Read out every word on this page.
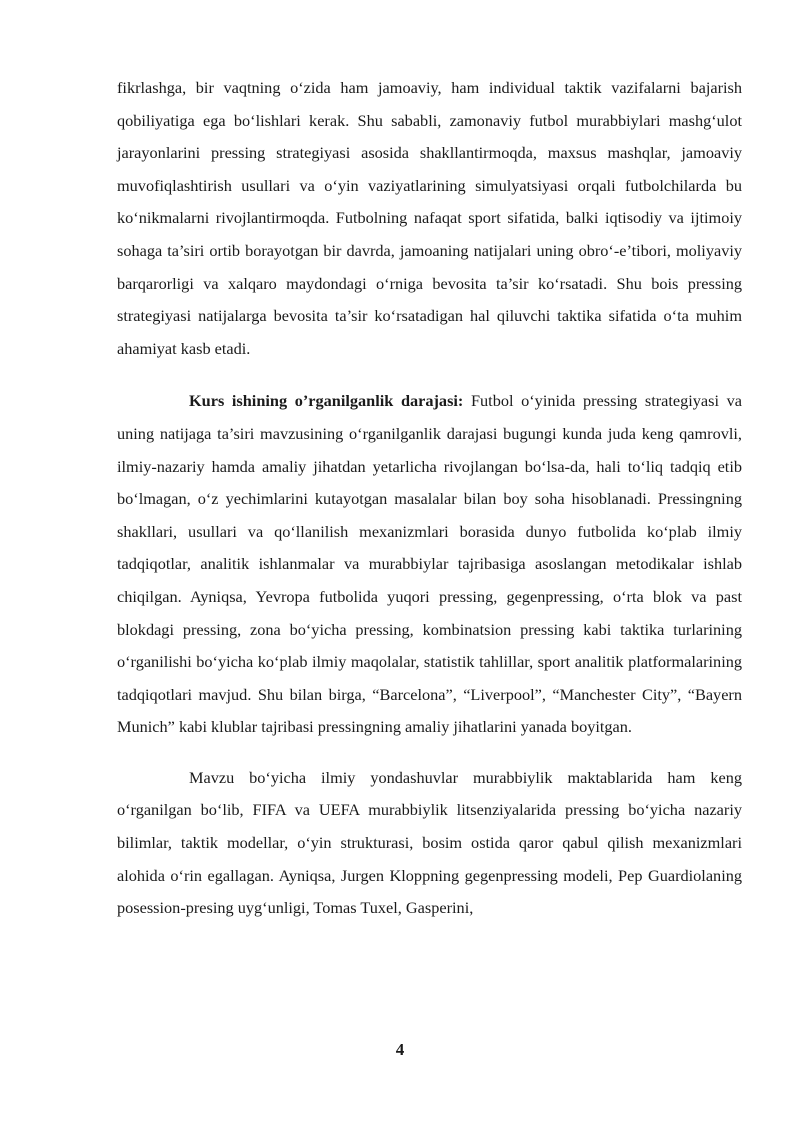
fikrlashga, bir vaqtning o‘zida ham jamoaviy, ham individual taktik vazifalarni bajarish qobiliyatiga ega bo‘lishlari kerak. Shu sababli, zamonaviy futbol murabbiylari mashg‘ulot jarayonlarini pressing strategiyasi asosida shakllantirmoqda, maxsus mashqlar, jamoaviy muvofiqlashtirish usullari va o‘yin vaziyatlarining simulyatsiyasi orqali futbolchilarda bu ko‘nikmalarni rivojlantirmoqda. Futbolning nafaqat sport sifatida, balki iqtisodiy va ijtimoiy sohaga ta’siri ortib borayotgan bir davrda, jamoaning natijalari uning obro‘-e’tibori, moliyaviy barqarorligi va xalqaro maydondagi o‘rniga bevosita ta’sir ko‘rsatadi. Shu bois pressing strategiyasi natijalarga bevosita ta’sir ko‘rsatadigan hal qiluvchi taktika sifatida o‘ta muhim ahamiyat kasb etadi.

Kurs ishining o’rganilganlik darajasi: Futbol o‘yinida pressing strategiyasi va uning natijaga ta’siri mavzusining o‘rganilganlik darajasi bugungi kunda juda keng qamrovli, ilmiy-nazariy hamda amaliy jihatdan yetarlicha rivojlangan bo‘lsa-da, hali to‘liq tadqiq etib bo‘lmagan, o‘z yechimlarini kutayotgan masalalar bilan boy soha hisoblanadi. Pressingning shakllari, usullari va qo‘llanilish mexanizmlari borasida dunyo futbolida ko‘plab ilmiy tadqiqotlar, analitik ishlanmalar va murabbiylar tajribasiga asoslangan metodikalar ishlab chiqilgan. Ayniqsa, Yevropa futbolida yuqori pressing, gegenpressing, o‘rta blok va past blokdagi pressing, zona bo‘yicha pressing, kombinatsion pressing kabi taktika turlarining o‘rganilishi bo‘yicha ko‘plab ilmiy maqolalar, statistik tahlillar, sport analitik platformalarining tadqiqotlari mavjud. Shu bilan birga, “Barcelona”, “Liverpool”, “Manchester City”, “Bayern Munich” kabi klublar tajribasi pressingning amaliy jihatlarini yanada boyitgan.

Mavzu bo‘yicha ilmiy yondashuvlar murabbiylik maktablarida ham keng o‘rganilgan bo‘lib, FIFA va UEFA murabbiylik litsenziyalarida pressing bo‘yicha nazariy bilimlar, taktik modellar, o‘yin strukturasi, bosim ostida qaror qabul qilish mexanizmlari alohida o‘rin egallagan. Ayniqsa, Jurgen Kloppning gegenpressing modeli, Pep Guardiolaning posession-presing uyg‘unligi, Tomas Tuxel, Gasperini,

4
